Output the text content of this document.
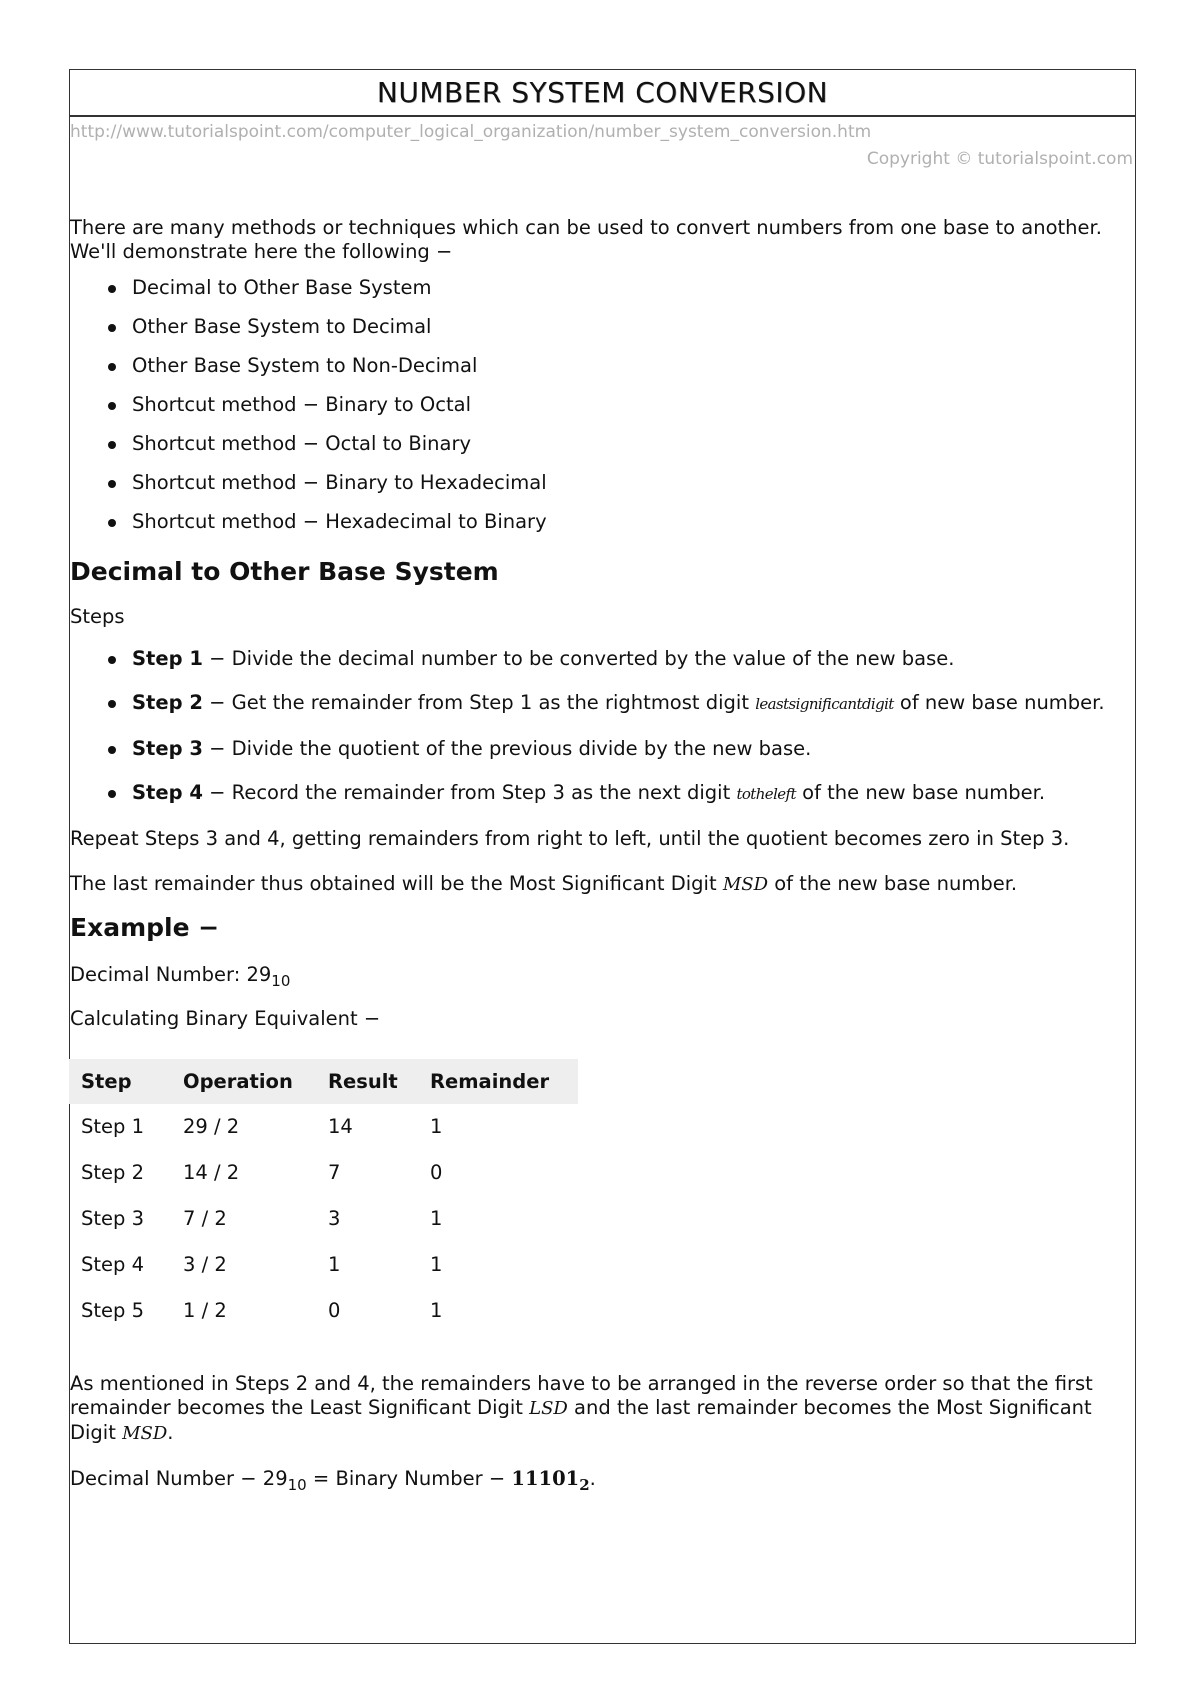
NUMBER SYSTEM CONVERSION
http://www.tutorialspoint.com/computer_logical_organization/number_system_conversion.htm
Copyright © tutorialspoint.com

There are many methods or techniques which can be used to convert numbers from one base to another. We'll demonstrate here the following −

Decimal to Other Base System
Other Base System to Decimal
Other Base System to Non-Decimal
Shortcut method − Binary to Octal
Shortcut method − Octal to Binary
Shortcut method − Binary to Hexadecimal
Shortcut method − Hexadecimal to Binary
Decimal to Other Base System

Steps

Step 1 − Divide the decimal number to be converted by the value of the new base.
Step 2 − Get the remainder from Step 1 as the rightmost digit leastsignificantdigit of new base number.
Step 3 − Divide the quotient of the previous divide by the new base.
Step 4 − Record the remainder from Step 3 as the next digit totheleft of the new base number.

Repeat Steps 3 and 4, getting remainders from right to left, until the quotient becomes zero in Step 3.

The last remainder thus obtained will be the Most Significant Digit MSD of the new base number.

Example −

Decimal Number: $29_{10}$

Calculating Binary Equivalent −

Step	Operation	Result	Remainder
Step 1	29 / 2	14	1
Step 2	14 / 2	7	0
Step 3	7 / 2	3	1
Step 4	3 / 2	1	1
Step 5	1 / 2	0	1

As mentioned in Steps 2 and 4, the remainders have to be arranged in the reverse order so that the first remainder becomes the Least Significant Digit LSD and the last remainder becomes the Most Significant Digit MSD.

Decimal Number − $29_{10}$ = Binary Number − $11101_2$.
